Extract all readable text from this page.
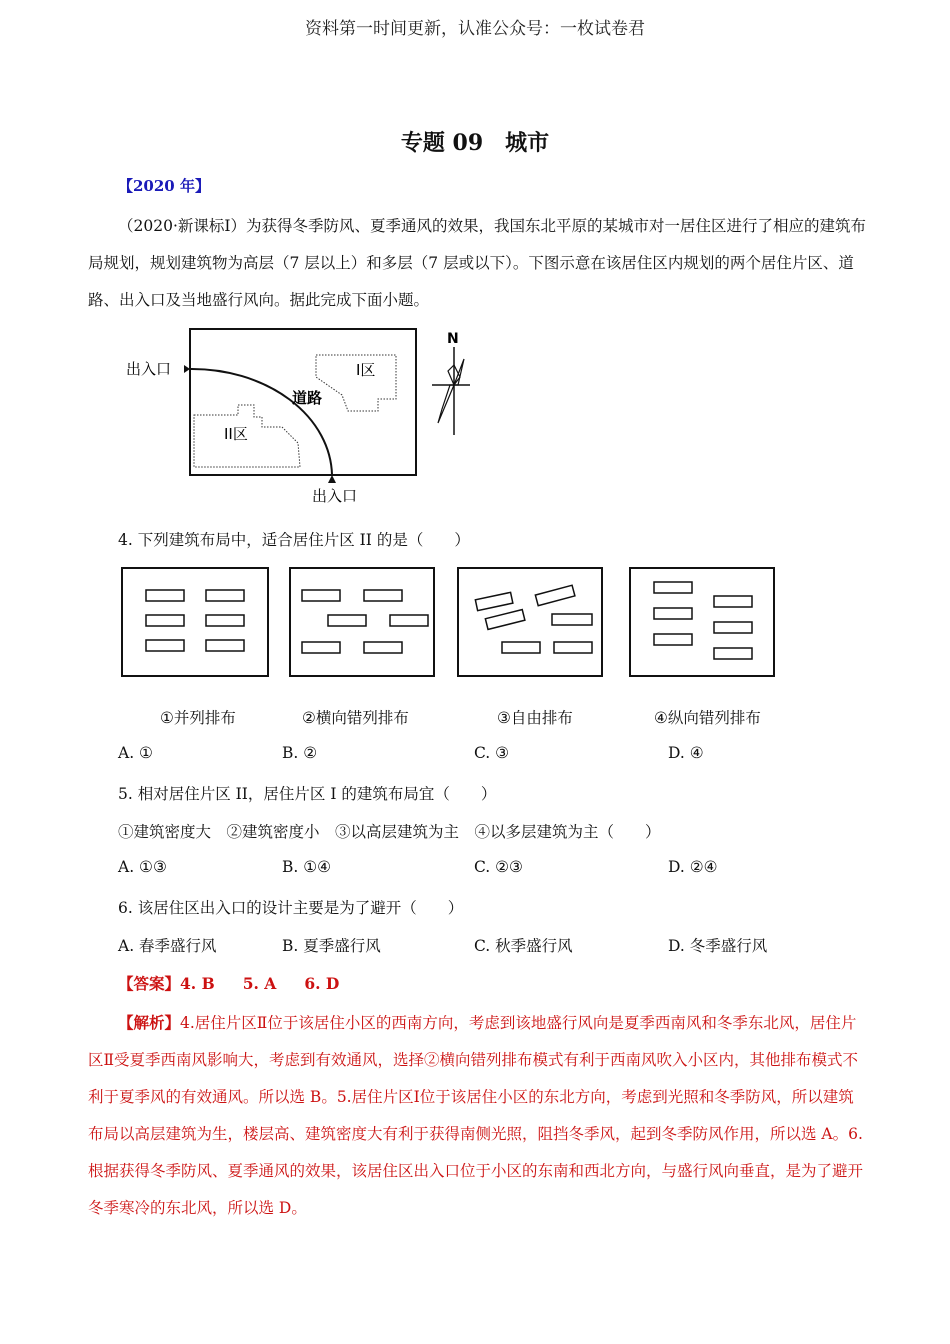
资料第一时间更新，认准公众号：一枚试卷君
专题 09　城市
【2020 年】
（2020·新课标Ⅰ）为获得冬季防风、夏季通风的效果，我国东北平原的某城市对一居住区进行了相应的建筑布局规划，规划建筑物为高层（7 层以上）和多层（7 层或以下）。下图示意在该居住区内规划的两个居住片区、道路、出入口及当地盛行风向。据此完成下面小题。
出入口
出入口
I区
II区
道路
N
4. 下列建筑布局中，适合居住片区 II 的是（　　）
①并列排布	②横向错列排布	③自由排布	④纵向错列排布
A. ①	B. ②	C. ③	D. ④
5. 相对居住片区 II，居住片区 I 的建筑布局宜（　　）
①建筑密度大　②建筑密度小　③以高层建筑为主　④以多层建筑为主（　　）
A. ①③	B. ①④	C. ②③	D. ②④
6. 该居住区出入口的设计主要是为了避开（　　）
A. 春季盛行风	B. 夏季盛行风	C. 秋季盛行风	D. 冬季盛行风
【答案】4. B 5. A 6. D
【解析】4.居住片区Ⅱ位于该居住小区的西南方向，考虑到该地盛行风向是夏季西南风和冬季东北风，居住片区Ⅱ受夏季西南风影响大，考虑到有效通风，选择②横向错列排布模式有利于西南风吹入小区内，其他排布模式不利于夏季风的有效通风。所以选 B。5.居住片区Ⅰ位于该居住小区的东北方向，考虑到光照和冬季防风，所以建筑布局以高层建筑为生，楼层高、建筑密度大有利于获得南侧光照，阻挡冬季风，起到冬季防风作用，所以选 A。6.根据获得冬季防风、夏季通风的效果，该居住区出入口位于小区的东南和西北方向，与盛行风向垂直，是为了避开冬季寒冷的东北风，所以选 D。
